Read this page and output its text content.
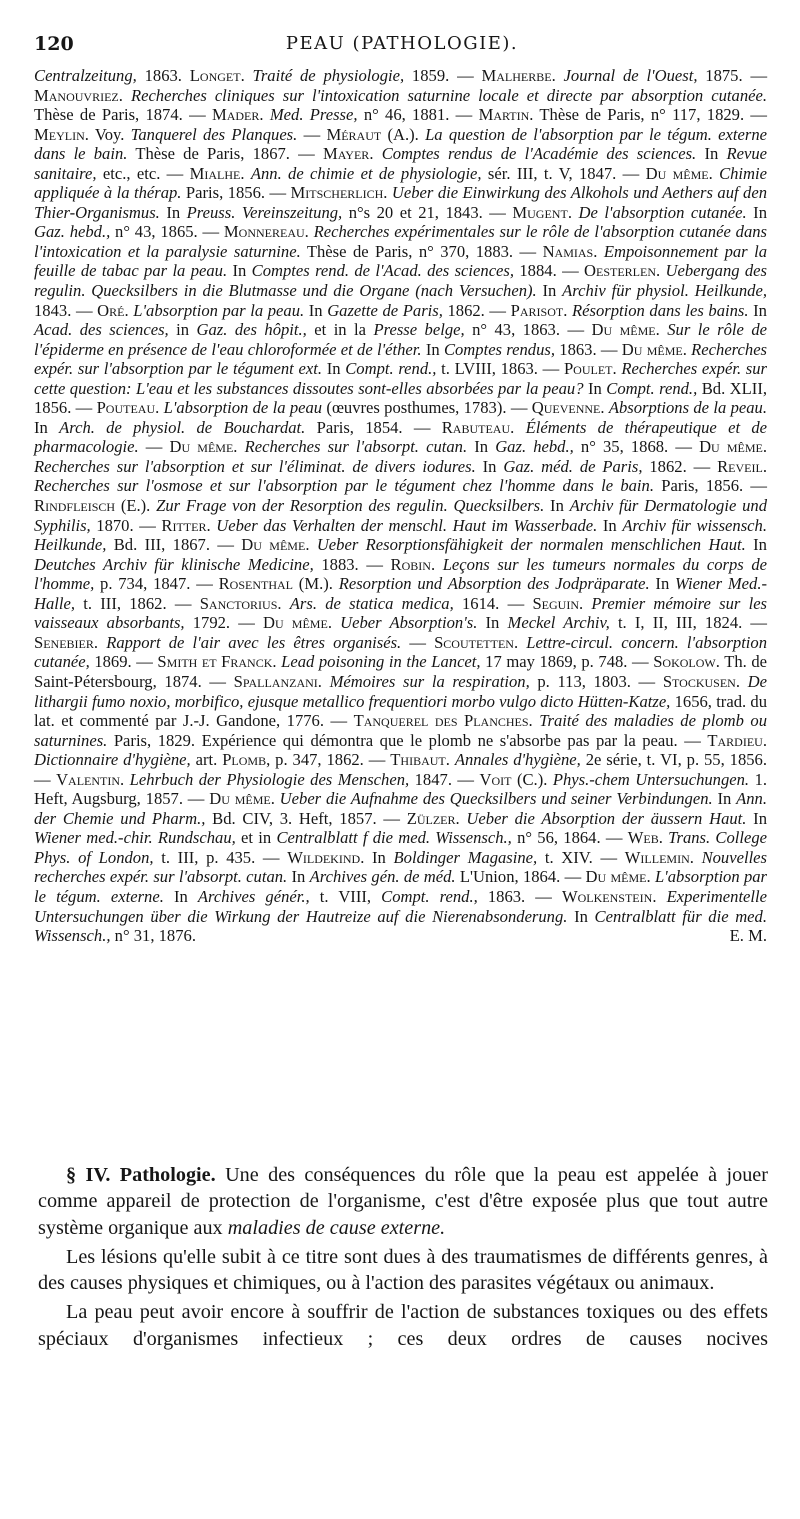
120	PEAU (PATHOLOGIE).

Centralzeitung, 1863. Longet. Traité de physiologie, 1859. — Malherbe. Journal de l'Ouest, 1875. — Manouvriez. Recherches cliniques sur l'intoxication saturnine locale et directe par absorption cutanée. Thèse de Paris, 1874. — Mader. Med. Presse, n° 46, 1881. — Martin. Thèse de Paris, n° 117, 1829. — Meylin. Voy. Tanquerel des Planques. — Méraut (A.). La question de l'absorption par le tégum. externe dans le bain. Thèse de Paris, 1867. — Mayer. Comptes rendus de l'Académie des sciences. In Revue sanitaire, etc., etc. — Mialhe. Ann. de chimie et de physiologie, sér. III, t. V, 1847. — Du même. Chimie appliquée à la thérap. Paris, 1856. — Mitscherlich. Ueber die Einwirkung des Alkohols und Aethers auf den Thier-Organismus. In Preuss. Vereinszeitung, n°s 20 et 21, 1843. — Mugent. De l'absorption cutanée. In Gaz. hebd., n° 43, 1865. — Monnereau. Recherches expérimentales sur le rôle de l'absorption cutanée dans l'intoxication et la paralysie saturnine. Thèse de Paris, n° 370, 1883. — Namias. Empoisonnement par la feuille de tabac par la peau. In Comptes rend. de l'Acad. des sciences, 1884. — Oesterlen. Uebergang des regulin. Quecksilbers in die Blutmasse und die Organe (nach Versuchen). In Archiv für physiol. Heilkunde, 1843. — Oré. L'absorption par la peau. In Gazette de Paris, 1862. — Parisot. Résorption dans les bains. In Acad. des sciences, in Gaz. des hôpit., et in la Presse belge, n° 43, 1863. — Du même. Sur le rôle de l'épiderme en présence de l'eau chloroformée et de l'éther. In Comptes rendus, 1863. — Du même. Recherches expér. sur l'absorption par le tégument ext. In Compt. rend., t. LVIII, 1863. — Poulet. Recherches expér. sur cette question: L'eau et les substances dissoutes sont-elles absorbées par la peau? In Compt. rend., Bd. XLII, 1856. — Pouteau. L'absorption de la peau (œuvres posthumes, 1783). — Quevenne. Absorptions de la peau. In Arch. de physiol. de Bouchardat. Paris, 1854. — Rabuteau. Éléments de thérapeutique et de pharmacologie. — Du même. Recherches sur l'absorpt. cutan. In Gaz. hebd., n° 35, 1868. — Du même. Recherches sur l'absorption et sur l'éliminat. de divers iodures. In Gaz. méd. de Paris, 1862. — Reveil. Recherches sur l'osmose et sur l'absorption par le tégument chez l'homme dans le bain. Paris, 1856. — Rindfleisch (E.). Zur Frage von der Resorption des regulin. Quecksilbers. In Archiv für Dermatologie und Syphilis, 1870. — Ritter. Ueber das Verhalten der menschl. Haut im Wasserbade. In Archiv für wissensch. Heilkunde, Bd. III, 1867. — Du même. Ueber Resorptionsfähigkeit der normalen menschlichen Haut. In Deutches Archiv für klinische Medicine, 1883. — Robin. Leçons sur les tumeurs normales du corps de l'homme, p. 734, 1847. — Rosenthal (M.). Resorption und Absorption des Jodpräparate. In Wiener Med.-Halle, t. III, 1862. — Sanctorius. Ars. de statica medica, 1614. — Seguin. Premier mémoire sur les vaisseaux absorbants, 1792. — Du même. Ueber Absorption's. In Meckel Archiv, t. I, II, III, 1824. — Senebier. Rapport de l'air avec les êtres organisés. — Scoutetten. Lettre-circul. concern. l'absorption cutanée, 1869. — Smith et Franck. Lead poisoning in the Lancet, 17 may 1869, p. 748. — Sokolow. Th. de Saint-Pétersbourg, 1874. — Spallanzani. Mémoires sur la respiration, p. 113, 1803. — Stockusen. De lithargii fumo noxio, morbifico, ejusque metallico frequentiori morbo vulgo dicto Hütten-Katze, 1656, trad. du lat. et commenté par J.-J. Gandone, 1776. — Tanquerel des Planches. Traité des maladies de plomb ou saturnines. Paris, 1829. Expérience qui démontra que le plomb ne s'absorbe pas par la peau. — Tardieu. Dictionnaire d'hygiène, art. Plomb, p. 347, 1862. — Thibaut. Annales d'hygiène, 2e série, t. VI, p. 55, 1856. — Valentin. Lehrbuch der Physiologie des Menschen, 1847. — Voit (C.). Phys.-chem Untersuchungen. 1. Heft, Augsburg, 1857. — Du même. Ueber die Aufnahme des Quecksilbers und seiner Verbindungen. In Ann. der Chemie und Pharm., Bd. CIV, 3. Heft, 1857. — Zülzer. Ueber die Absorption der äussern Haut. In Wiener med.-chir. Rundschau, et in Centralblatt f die med. Wissensch., n° 56, 1864. — Web. Trans. College Phys. of London, t. III, p. 435. — Wildekind. In Boldinger Magasine, t. XIV. — Willemin. Nouvelles recherches expér. sur l'absorpt. cutan. In Archives gén. de méd. L'Union, 1864. — Du même. L'absorption par le tégum. externe. In Archives génér., t. VIII, Compt. rend., 1863. — Wolkenstein. Experimentelle Untersuchungen über die Wirkung der Hautreize auf die Nierenabsonderung. In Centralblatt für die med. Wissensch., n° 31, 1876.	E. M.

§ IV. Pathologie. Une des conséquences du rôle que la peau est appelée à jouer comme appareil de protection de l'organisme, c'est d'être exposée plus que tout autre système organique aux maladies de cause externe.

Les lésions qu'elle subit à ce titre sont dues à des traumatismes de différents genres, à des causes physiques et chimiques, ou à l'action des parasites végétaux ou animaux.

La peau peut avoir encore à souffrir de l'action de substances toxiques ou des effets spéciaux d'organismes infectieux ; ces deux ordres de causes nocives
